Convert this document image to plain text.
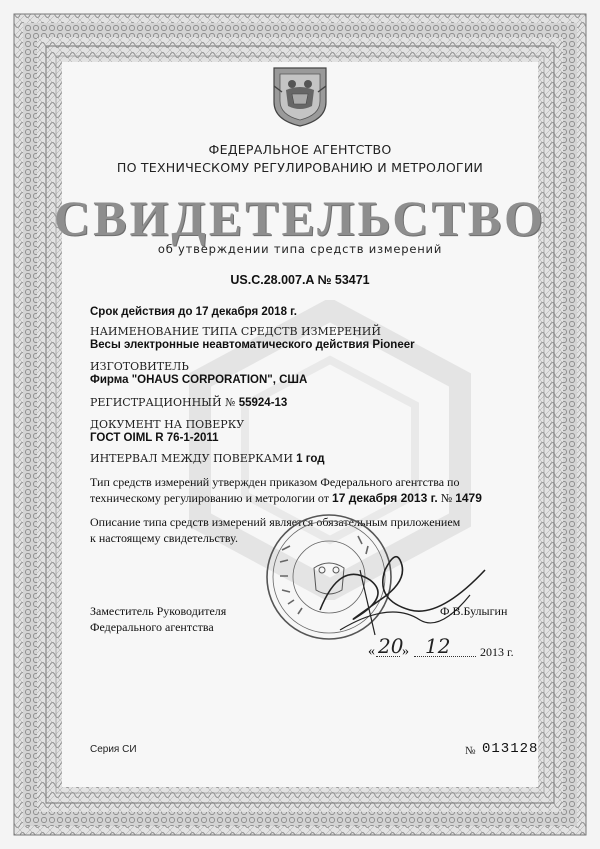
ФЕДЕРАЛЬНОЕ АГЕНТСТВО
ПО ТЕХНИЧЕСКОМУ РЕГУЛИРОВАНИЮ И МЕТРОЛОГИИ
СВИДЕТЕЛЬСТВО
об утверждении типа средств измерений
US.C.28.007.A № 53471
Срок действия до 17 декабря 2018 г.
НАИМЕНОВАНИЕ ТИПА СРЕДСТВ ИЗМЕРЕНИЙ
Весы электронные неавтоматического действия Pioneer
ИЗГОТОВИТЕЛЬ
Фирма "OHAUS CORPORATION", США
РЕГИСТРАЦИОННЫЙ № 55924-13
ДОКУМЕНТ НА ПОВЕРКУ
ГОСТ OIML R 76-1-2011
ИНТЕРВАЛ МЕЖДУ ПОВЕРКАМИ 1 год
Тип средств измерений утвержден приказом Федерального агентства по
техническому регулированию и метрологии от 17 декабря 2013 г. № 1479
Описание типа средств измерений является обязательным приложением
к настоящему свидетельству.
Заместитель Руководителя
Федерального агентства
Ф.В.Булыгин
« 20
» 12 2013 г.
Серия СИ	№ 013128
